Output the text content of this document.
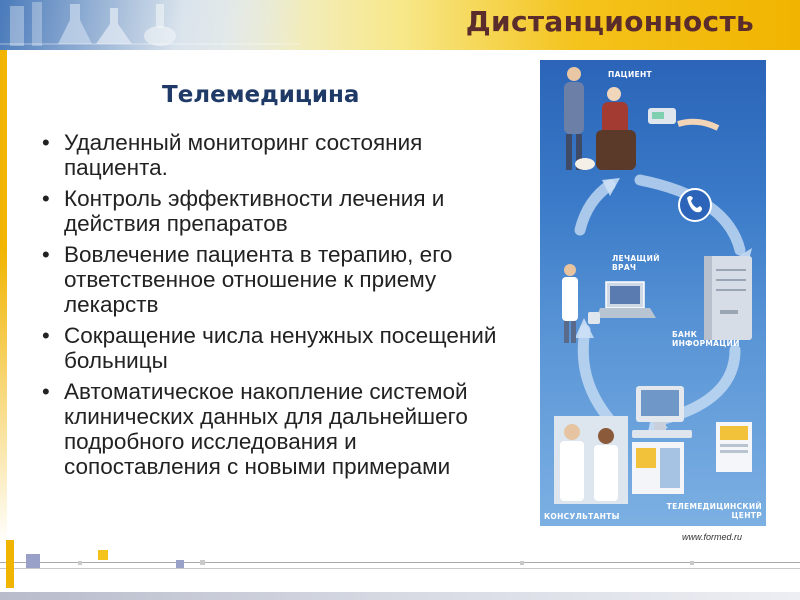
Дистанционность
Телемедицина
• Удаленный мониторинг состояния пациента.
• Контроль эффективности лечения и действия препаратов
• Вовлечение пациента в терапию, его ответственное отношение к приему лекарств
• Сокращение числа ненужных посещений больницы
• Автоматическое накопление системой клинических данных для дальнейшего подробного исследования и сопоставления с новыми примерами
ПАЦИЕНТ
ЛЕЧАЩИЙ ВРАЧ
БАНК ИНФОРМАЦИИ
КОНСУЛЬТАНТЫ
ТЕЛЕМЕДИЦИНСКИЙ ЦЕНТР
www.formed.ru
